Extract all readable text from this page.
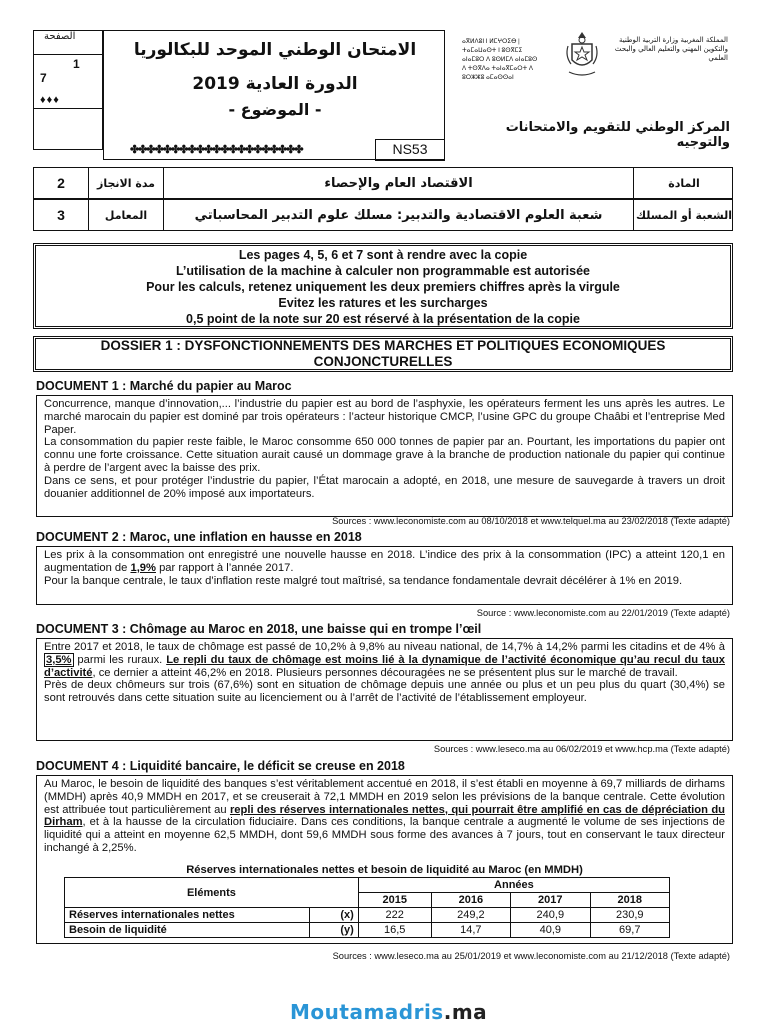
الصفحة
1
7
♦♦♦
الامتحان الوطني الموحد للبكالوريا
الدورة العادية 2019
- الموضوع -
✤✤✤✤✤✤✤✤✤✤✤✤✤✤✤✤✤✤✤✤✤	NS53
ⴰⴳⵍⴷⵓⵏ ⵏ ⵍⵎⵖⵔⵉⴱ | ⵜⴰⵎⴰⵡⴰⵙⵜ ⵏ ⵓⵙⴳⵎⵉ ⴰⵏⴰⵎⵓⵔ ⴷ ⵓⵙⵍⵎⴷ ⴰⵏⴰⵎⵓⵙ ⴷ ⵜⵙⴳⴷⴰ ⵜⴰⵏⴰⴳⵎⴰⵔⵜ ⴷ ⵓⵔⵣⵣⵓ ⴰⵎⴰⵙⵙⴰⵏ
المملكة المغربية وزارة التربية الوطنية والتكوين المهني والتعليم العالي والبحث العلمي
المركز الوطني للتقويم والامتحانات والتوجيه
2	مدة الانجاز	الاقتصاد العام والإحصاء	المادة
3	المعامل	شعبة العلوم الاقتصادية والتدبير: مسلك علوم التدبير المحاسباتي	الشعبة أو المسلك
Les pages 4, 5, 6 et 7 sont à rendre avec la copie
L’utilisation de la machine à calculer non programmable est autorisée
Pour les calculs, retenez uniquement les deux premiers chiffres après la virgule
Evitez les ratures et les surcharges
0,5 point de la note sur 20 est réservé à la présentation de la copie
DOSSIER 1 : DYSFONCTIONNEMENTS DES MARCHES ET POLITIQUES ECONOMIQUES
CONJONCTURELLES
DOCUMENT 1 : Marché du papier au Maroc

Concurrence, manque d’innovation,... l’industrie du papier est au bord de l’asphyxie, les opérateurs ferment les uns après les autres. Le marché marocain du papier est dominé par trois opérateurs : l’acteur historique CMCP, l’usine GPC du groupe Chaâbi et l’entreprise Med Paper.

La consommation du papier reste faible, le Maroc consomme 650 000 tonnes de papier par an. Pourtant, les importations du papier ont connu une forte croissance. Cette situation aurait causé un dommage grave à la branche de production nationale du papier qui continue à perdre de l’argent avec la baisse des prix.

Dans ce sens, et pour protéger l’industrie du papier, l’État marocain a adopté, en 2018, une mesure de sauvegarde à travers un droit douanier additionnel de 20% imposé aux importateurs.

Sources : www.leconomiste.com au 08/10/2018 et www.telquel.ma au 23/02/2018 (Texte adapté)
DOCUMENT 2 : Maroc, une inflation en hausse en 2018

Les prix à la consommation ont enregistré une nouvelle hausse en 2018. L’indice des prix à la consommation (IPC) a atteint 120,1 en augmentation de 1,9% par rapport à l’année 2017.

Pour la banque centrale, le taux d’inflation reste malgré tout maîtrisé, sa tendance fondamentale devrait décélérer à 1% en 2019.

Source : www.leconomiste.com au 22/01/2019 (Texte adapté)
DOCUMENT 3 : Chômage au Maroc en 2018, une baisse qui en trompe l’œil

Entre 2017 et 2018, le taux de chômage est passé de 10,2% à 9,8% au niveau national, de 14,7% à 14,2% parmi les citadins et de 4% à 3,5% parmi les ruraux. Le repli du taux de chômage est moins lié à la dynamique de l’activité économique qu’au recul du taux d’activité, ce dernier a atteint 46,2% en 2018. Plusieurs personnes découragées ne se présentent plus sur le marché de travail.

Près de deux chômeurs sur trois (67,6%) sont en situation de chômage depuis une année ou plus et un peu plus du quart (30,4%) se sont retrouvés dans cette situation suite au licenciement ou à l’arrêt de l’activité de l’établissement employeur.

Sources : www.leseco.ma au 06/02/2019 et www.hcp.ma (Texte adapté)
DOCUMENT 4 : Liquidité bancaire, le déficit se creuse en 2018

Au Maroc, le besoin de liquidité des banques s’est véritablement accentué en 2018, il s’est établi en moyenne à 69,7 milliards de dirhams (MMDH) après 40,9 MMDH en 2017, et se creuserait à 72,1 MMDH en 2019 selon les prévisions de la banque centrale. Cette évolution est attribuée tout particulièrement au repli des réserves internationales nettes, qui pourrait être amplifié en cas de dépréciation du Dirham, et à la hausse de la circulation fiduciaire. Dans ces conditions, la banque centrale a augmenté le volume de ses injections de liquidité qui a atteint en moyenne 62,5 MMDH, dont 59,6 MMDH sous forme des avances à 7 jours, tout en conservant le taux directeur inchangé à 2,25%.

Réserves internationales nettes et besoin de liquidité au Maroc (en MMDH)
Eléments		Années			
		2015	2016	2017	2018
Réserves internationales nettes	(x)	222	249,2	240,9	230,9
Besoin de liquidité	(y)	16,5	14,7	40,9	69,7
Sources : www.leseco.ma au 25/01/2019 et www.leconomiste.com au 21/12/2018 (Texte adapté)
Moutamadris.ma
